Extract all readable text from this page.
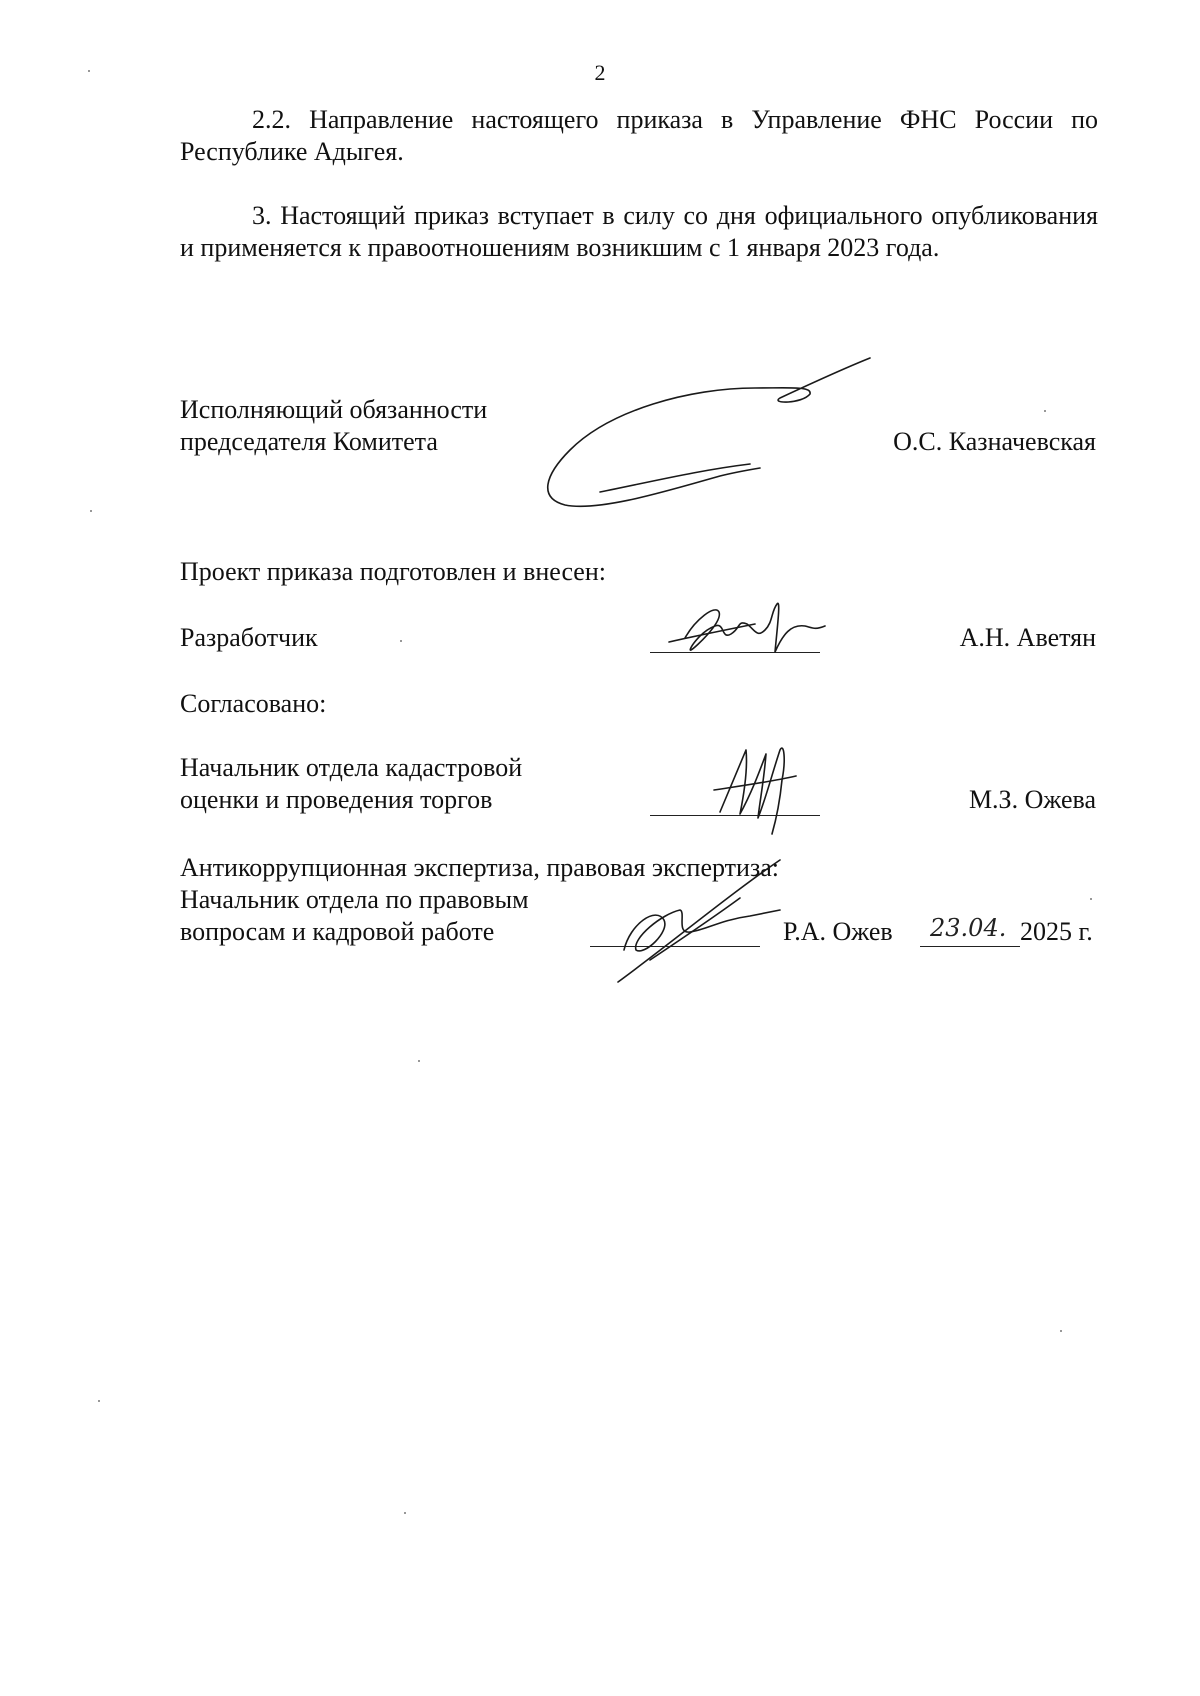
2
2.2. Направление настоящего приказа в Управление ФНС России по Республике Адыгея.
3. Настоящий приказ вступает в силу со дня официального опубликования и применяется к правоотношениям возникшим с 1 января 2023 года.
Исполняющий обязанности
председателя Комитета	О.С. Казначевская
Проект приказа подготовлен и внесен:
Разработчик	А.Н. Аветян
Согласовано:
Начальник отдела кадастровой
оценки и проведения торгов	М.З. Ожева
Антикоррупционная экспертиза, правовая экспертиза:
Начальник отдела по правовым
вопросам и кадровой работе	Р.А. Ожев 23.04. 2025 г.
